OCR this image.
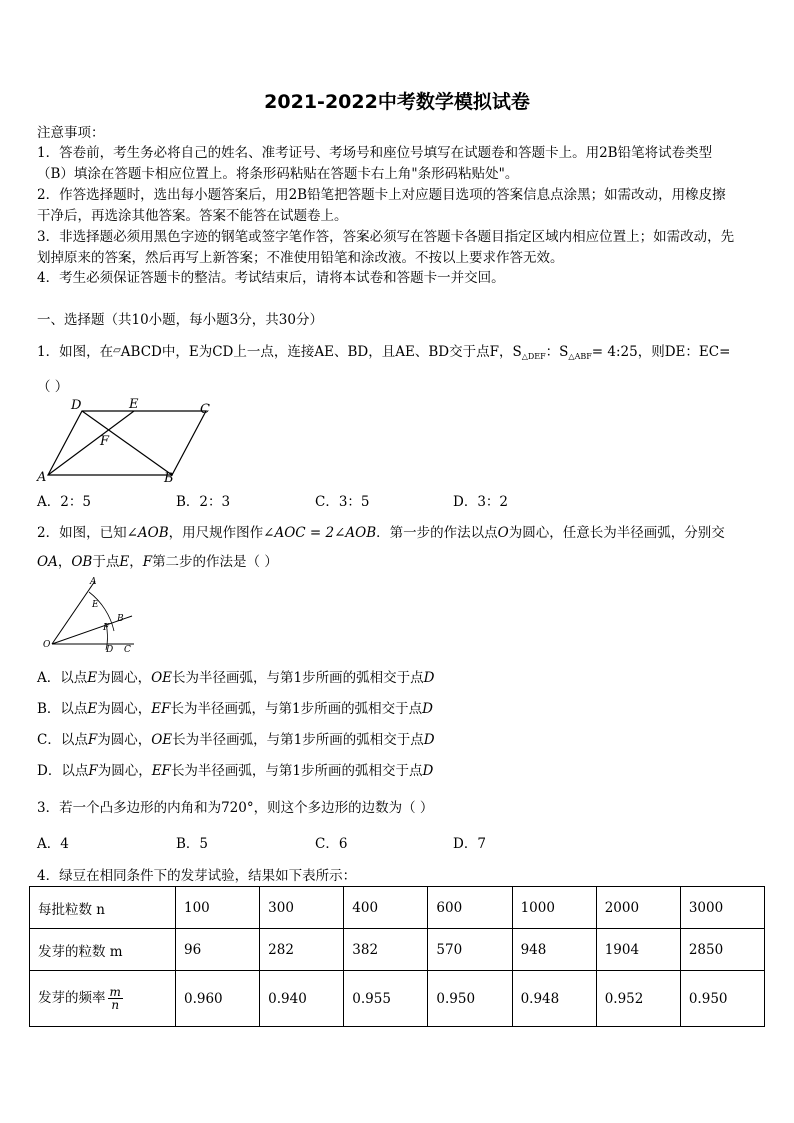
2021-2022中考数学模拟试卷
注意事项：
1．答卷前，考生务必将自己的姓名、准考证号、考场号和座位号填写在试题卷和答题卡上。用2B铅笔将试卷类型
（B）填涂在答题卡相应位置上。将条形码粘贴在答题卡右上角"条形码粘贴处"。
2．作答选择题时，选出每小题答案后，用2B铅笔把答题卡上对应题目选项的答案信息点涂黑；如需改动，用橡皮擦
干净后，再选涂其他答案。答案不能答在试题卷上。
3．非选择题必须用黑色字迹的钢笔或签字笔作答，答案必须写在答题卡各题目指定区域内相应位置上；如需改动，先
划掉原来的答案，然后再写上新答案；不准使用铅笔和涂改液。不按以上要求作答无效。
4．考生必须保证答题卡的整洁。考试结束后，请将本试卷和答题卡一并交回。
一、选择题（共10小题，每小题3分，共30分）
1．如图，在▱ABCD中，E为CD上一点，连接AE、BD，且AE、BD交于点F，$S_{\triangle DEF}$：$S_{\triangle ABF}=$ 4:25，则DE：EC=
（ ）
D	E	C
F
A	B
A．2：5	B．2：3	C．3：5	D．3：2
2．如图，已知∠AOB，用尺规作图作∠AOC = 2∠AOB．第一步的作法以点O为圆心，任意长为半径画弧，分别交
OA，OB于点E，F第二步的作法是（ ）
A
E
B
F
O	D C
A．以点E为圆心，OE长为半径画弧，与第1步所画的弧相交于点D
B．以点E为圆心，EF长为半径画弧，与第1步所画的弧相交于点D
C．以点F为圆心，OE长为半径画弧，与第1步所画的弧相交于点D
D．以点F为圆心，EF长为半径画弧，与第1步所画的弧相交于点D
3．若一个凸多边形的内角和为720°，则这个多边形的边数为（ ）
A．4	B．5	C．6	D．7
4．绿豆在相同条件下的发芽试验，结果如下表所示：
每批粒数 n	100	300	400	600	1000	2000	3000
发芽的粒数 m	96	282	382	570	948	1904	2850
发芽的频率 $\frac{m}{n}$	0.960	0.940	0.955	0.950	0.948	0.952	0.950
